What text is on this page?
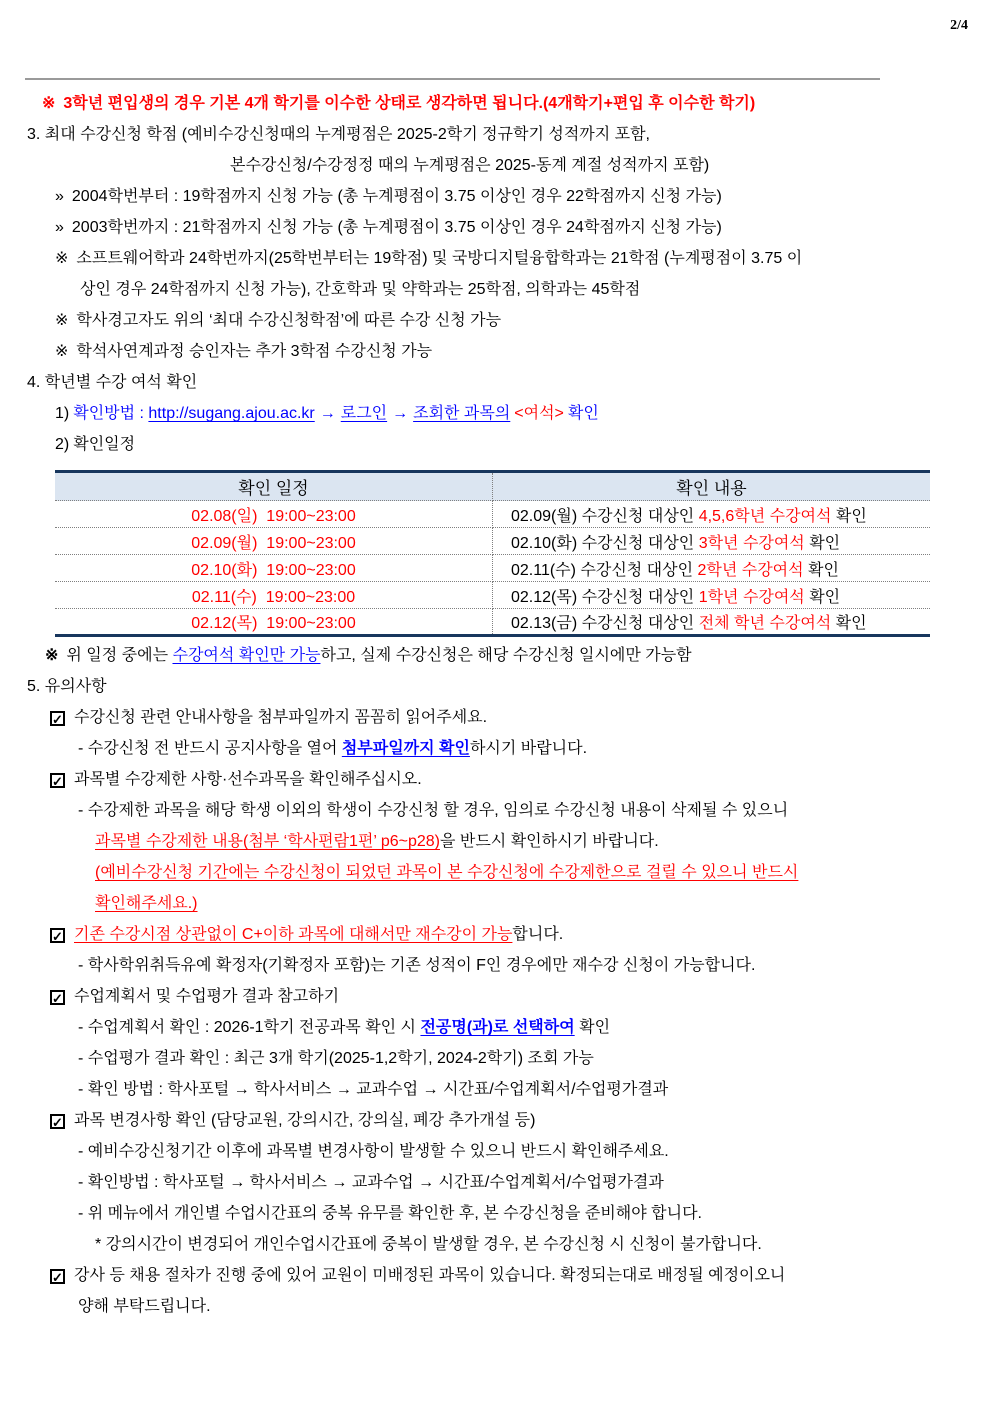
2/4
※ 3학년 편입생의 경우 기본 4개 학기를 이수한 상태로 생각하면 됩니다.(4개학기+편입 후 이수한 학기)
3. 최대 수강신청 학점 (예비수강신청때의 누계평점은 2025-2학기 정규학기 성적까지 포함,
본수강신청/수강정정 때의 누계평점은 2025-동계 계절 성적까지 포함)
» 2004학번부터 : 19학점까지 신청 가능 (총 누계평점이 3.75 이상인 경우 22학점까지 신청 가능)
» 2003학번까지 : 21학점까지 신청 가능 (총 누계평점이 3.75 이상인 경우 24학점까지 신청 가능)
※ 소프트웨어학과 24학번까지(25학번부터는 19학점) 및 국방디지털융합학과는 21학점 (누계평점이 3.75 이
상인 경우 24학점까지 신청 가능), 간호학과 및 약학과는 25학점, 의학과는 45학점
※ 학사경고자도 위의 ‘최대 수강신청학점’에 따른 수강 신청 가능
※ 학석사연계과정 승인자는 추가 3학점 수강신청 가능
4. 학년별 수강 여석 확인
1) 확인방법 : http://sugang.ajou.ac.kr → 로그인 → 조회한 과목의 <여석> 확인
2) 확인일정
확인 일정	확인 내용
02.08(일)  19:00~23:00	02.09(월) 수강신청 대상인 4,5,6학년 수강여석 확인
02.09(월)  19:00~23:00	02.10(화) 수강신청 대상인 3학년 수강여석 확인
02.10(화)  19:00~23:00	02.11(수) 수강신청 대상인 2학년 수강여석 확인
02.11(수)  19:00~23:00	02.12(목) 수강신청 대상인 1학년 수강여석 확인
02.12(목)  19:00~23:00	02.13(금) 수강신청 대상인 전체 학년 수강여석 확인
※ 위 일정 중에는 수강여석 확인만 가능하고, 실제 수강신청은 해당 수강신청 일시에만 가능함
5. 유의사항
✓ 수강신청 관련 안내사항을 첨부파일까지 꼼꼼히 읽어주세요.
- 수강신청 전 반드시 공지사항을 열어 첨부파일까지 확인하시기 바랍니다.
✓ 과목별 수강제한 사항·선수과목을 확인해주십시오.
- 수강제한 과목을 해당 학생 이외의 학생이 수강신청 할 경우, 임의로 수강신청 내용이 삭제될 수 있으니
과목별 수강제한 내용(첨부 ‘학사편람1편’ p6~p28)을 반드시 확인하시기 바랍니다.
(예비수강신청 기간에는 수강신청이 되었던 과목이 본 수강신청에 수강제한으로 걸릴 수 있으니 반드시
확인해주세요.)
✓ 기존 수강시점 상관없이 C+이하 과목에 대해서만 재수강이 가능합니다.
- 학사학위취득유예 확정자(기확정자 포함)는 기존 성적이 F인 경우에만 재수강 신청이 가능합니다.
✓ 수업계획서 및 수업평가 결과 참고하기
- 수업계획서 확인 : 2026-1학기 전공과목 확인 시 전공명(과)로 선택하여 확인
- 수업평가 결과 확인 : 최근 3개 학기(2025-1,2학기, 2024-2학기) 조회 가능
- 확인 방법 : 학사포털 → 학사서비스 → 교과수업 → 시간표/수업계획서/수업평가결과
✓ 과목 변경사항 확인 (담당교원, 강의시간, 강의실, 폐강 추가개설 등)
- 예비수강신청기간 이후에 과목별 변경사항이 발생할 수 있으니 반드시 확인해주세요.
- 확인방법 : 학사포털 → 학사서비스 → 교과수업 → 시간표/수업계획서/수업평가결과
- 위 메뉴에서 개인별 수업시간표의 중복 유무를 확인한 후, 본 수강신청을 준비해야 합니다.
* 강의시간이 변경되어 개인수업시간표에 중복이 발생할 경우, 본 수강신청 시 신청이 불가합니다.
✓ 강사 등 채용 절차가 진행 중에 있어 교원이 미배정된 과목이 있습니다. 확정되는대로 배정될 예정이오니
양해 부탁드립니다.
